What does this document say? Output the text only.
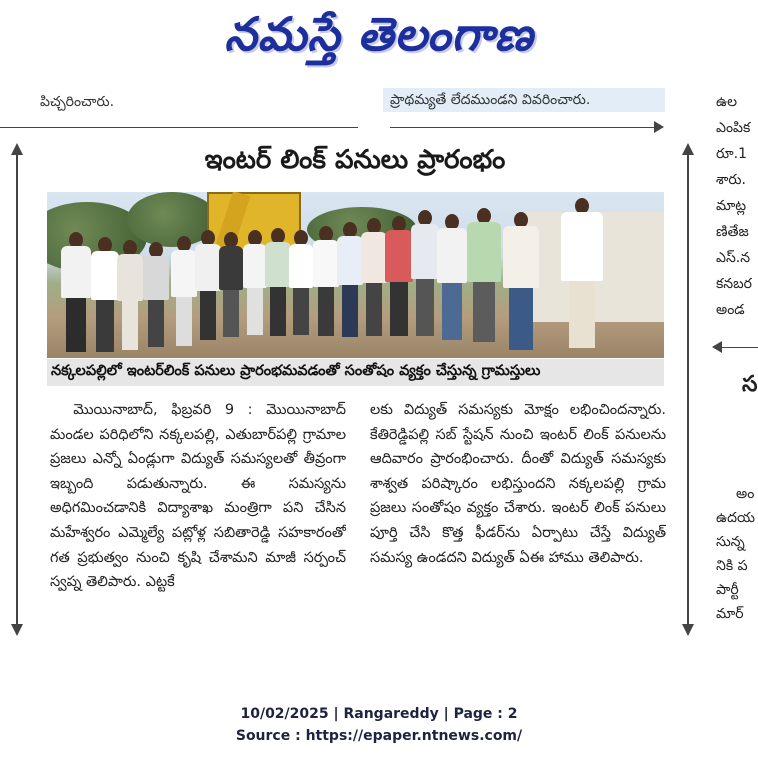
నమస్తే తెలంగాణ
పిచ్చరించారు.	ప్రాథమ్యతే లేదముండని వివరించారు.
ఇంటర్ లింక్ పనులు ప్రారంభం
నక్కలపల్లిలో ఇంటర్‌లింక్ పనులు ప్రారంభమవడంతో సంతోషం వ్యక్తం చేస్తున్న గ్రామస్తులు

మొయినాబాద్, ఫిబ్రవరి 9 : మొయినాబాద్ మండల పరిధిలోని నక్కలపల్లి, ఎతుబార్‌పల్లి గ్రామాల ప్రజలు ఎన్నో ఏండ్లుగా విద్యుత్ సమస్యలతో తీవ్రంగా ఇబ్బంది పడుతున్నారు. ఈ సమస్యను అధిగమించడానికి విద్యాశాఖ మంత్రిగా పని చేసిన మహేశ్వరం ఎమ్మెల్యే పట్లోళ్ల సబితారెడ్డి సహకారంతో గత ప్రభుత్వం నుంచి కృషి చేశామని మాజీ సర్పంచ్ స్వప్న తెలిపారు. ఎట్టకే

లకు విద్యుత్ సమస్యకు మోక్షం లభించిందన్నారు. కేతిరెడ్డిపల్లి సబ్ స్టేషన్ నుంచి ఇంటర్ లింక్ పనులను ఆదివారం ప్రారంభించారు. దీంతో విద్యుత్ సమస్యకు శాశ్వత పరిష్కారం లభిస్తుందని నక్కలపల్లి గ్రామ ప్రజలు సంతోషం వ్యక్తం చేశారు. ఇంటర్ లింక్ పనులు పూర్తి చేసి కొత్త ఫీడర్‌ను ఏర్పాటు చేస్తే విద్యుత్ సమస్య ఉండదని విద్యుత్ ఏఈ హాము తెలిపారు.

ఉల
ఎంపిక
రూ.1
శారు.
మాట్ల
ణితేజ
ఎస్.న
కనబర
అండ
స
అం
ఉదయ
సున్న
నికి ప
పార్టీ
మార్
10/02/2025 | Rangareddy | Page : 2
Source : https://epaper.ntnews.com/
